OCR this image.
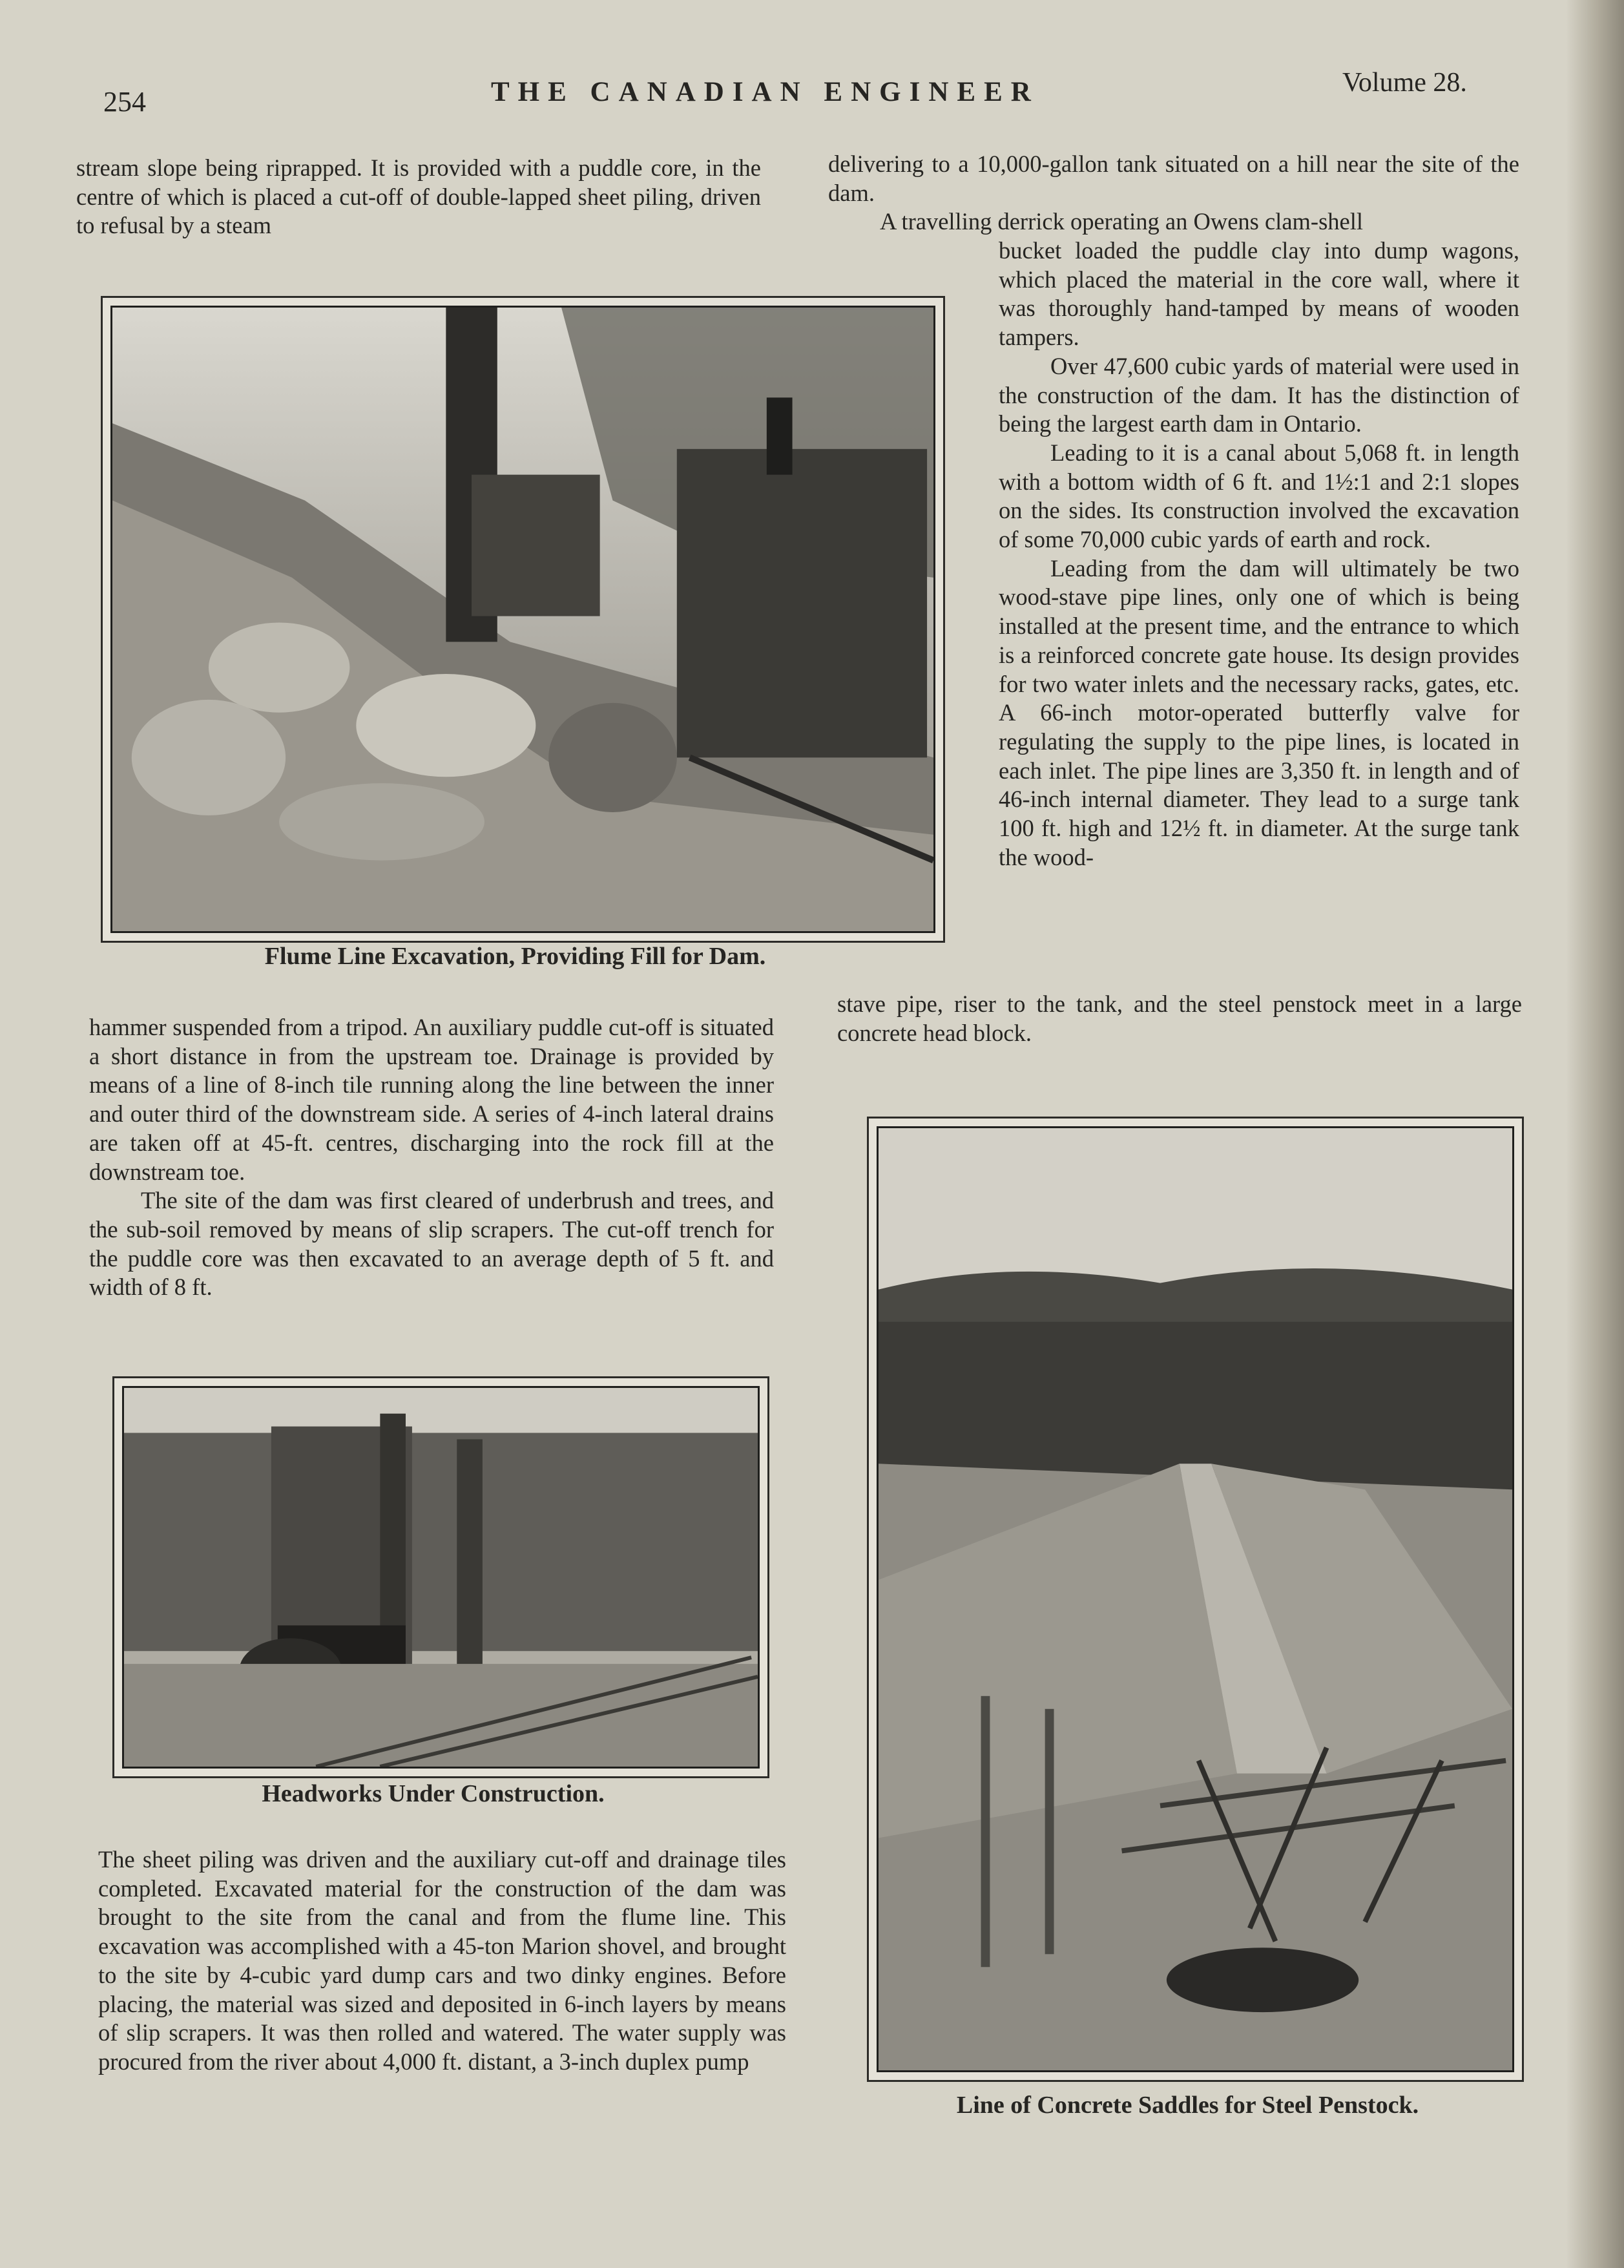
254	THE CANADIAN ENGINEER	Volume 28.

stream slope being riprapped. It is provided with a puddle core, in the centre of which is placed a cut-off of double-lapped sheet piling, driven to refusal by a steam

Flume Line Excavation, Providing Fill for Dam.

hammer suspended from a tripod. An auxiliary puddle cut-off is situated a short distance in from the upstream toe. Drainage is provided by means of a line of 8-inch tile running along the line between the inner and outer third of the downstream side. A series of 4-inch lateral drains are taken off at 45-ft. centres, discharging into the rock fill at the downstream toe.

The site of the dam was first cleared of underbrush and trees, and the sub-soil removed by means of slip scrapers. The cut-off trench for the puddle core was then excavated to an average depth of 5 ft. and width of 8 ft.

Headworks Under Construction.

The sheet piling was driven and the auxiliary cut-off and drainage tiles completed. Excavated material for the construction of the dam was brought to the site from the canal and from the flume line. This excavation was accomplished with a 45-ton Marion shovel, and brought to the site by 4-cubic yard dump cars and two dinky engines. Before placing, the material was sized and deposited in 6-inch layers by means of slip scrapers. It was then rolled and watered. The water supply was procured from the river about 4,000 ft. distant, a 3-inch duplex pump

delivering to a 10,000-gallon tank situated on a hill near the site of the dam.

A travelling derrick operating an Owens clam-shell

bucket loaded the puddle clay into dump wagons, which placed the material in the core wall, where it was thoroughly hand-tamped by means of wooden tampers.

Over 47,600 cubic yards of material were used in the construction of the dam. It has the distinction of being the largest earth dam in Ontario.

Leading to it is a canal about 5,068 ft. in length with a bottom width of 6 ft. and 1½:1 and 2:1 slopes on the sides. Its construction involved the excavation of some 70,000 cubic yards of earth and rock.

Leading from the dam will ultimately be two wood-stave pipe lines, only one of which is being installed at the present time, and the entrance to which is a reinforced concrete gate house. Its design provides for two water inlets and the necessary racks, gates, etc. A 66-inch motor-operated butterfly valve for regulating the supply to the pipe lines, is located in each inlet. The pipe lines are 3,350 ft. in length and of 46-inch internal diameter. They lead to a surge tank 100 ft. high and 12½ ft. in diameter. At the surge tank the wood-

stave pipe, riser to the tank, and the steel penstock meet in a large concrete head block.

Line of Concrete Saddles for Steel Penstock.
